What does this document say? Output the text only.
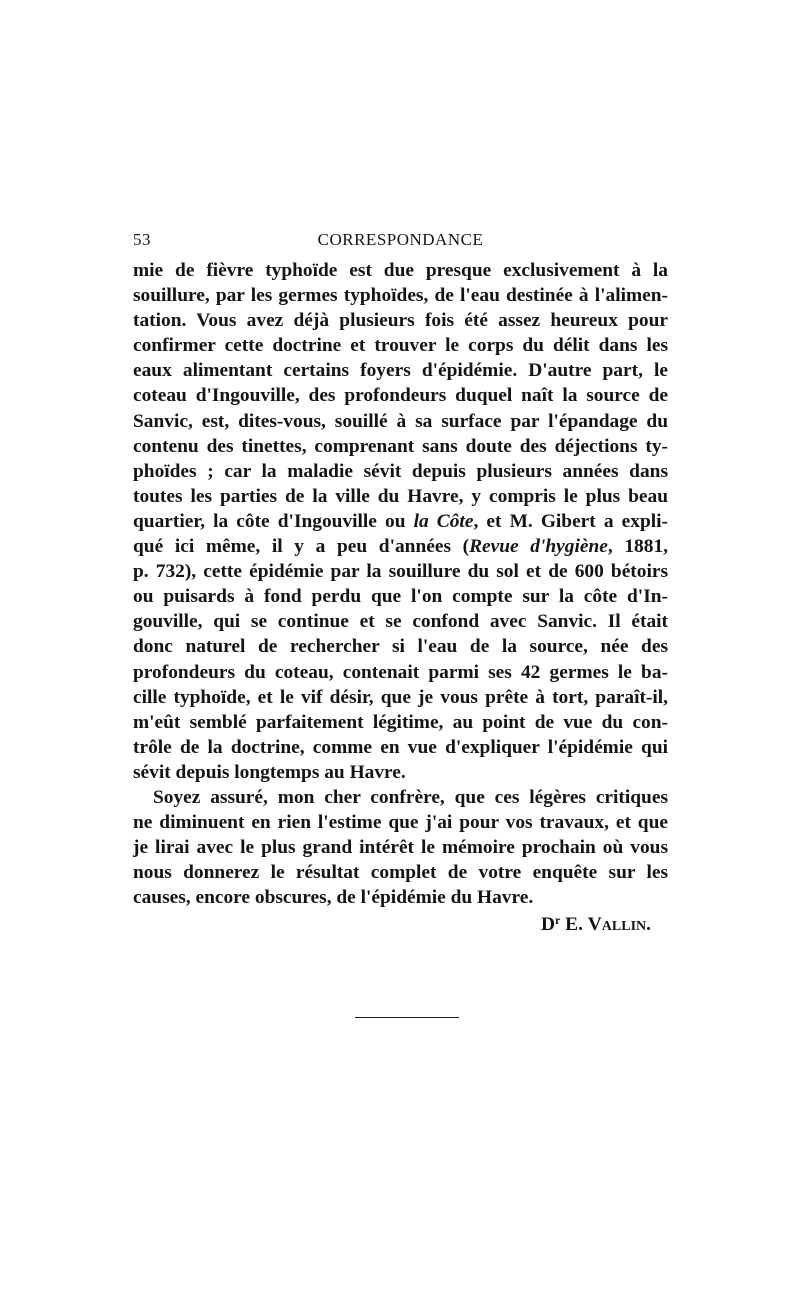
53	CORRESPONDANCE
mie de fièvre typhoïde est due presque exclusivement à la
souillure, par les germes typhoïdes, de l'eau destinée à l'alimen-
tation. Vous avez déjà plusieurs fois été assez heureux pour
confirmer cette doctrine et trouver le corps du délit dans les
eaux alimentant certains foyers d'épidémie. D'autre part, le
coteau d'Ingouville, des profondeurs duquel naît la source de
Sanvic, est, dites-vous, souillé à sa surface par l'épandage du
contenu des tinettes, comprenant sans doute des déjections ty-
phoïdes ; car la maladie sévit depuis plusieurs années dans
toutes les parties de la ville du Havre, y compris le plus beau
quartier, la côte d'Ingouville ou la Côte, et M. Gibert a expli-
qué ici même, il y a peu d'années (Revue d'hygiène, 1881,
p. 732), cette épidémie par la souillure du sol et de 600 bétoirs
ou puisards à fond perdu que l'on compte sur la côte d'In-
gouville, qui se continue et se confond avec Sanvic. Il était
donc naturel de rechercher si l'eau de la source, née des
profondeurs du coteau, contenait parmi ses 42 germes le ba-
cille typhoïde, et le vif désir, que je vous prête à tort, paraît-il,
m'eût semblé parfaitement légitime, au point de vue du con-
trôle de la doctrine, comme en vue d'expliquer l'épidémie qui
sévit depuis longtemps au Havre.
Soyez assuré, mon cher confrère, que ces légères critiques
ne diminuent en rien l'estime que j'ai pour vos travaux, et que
je lirai avec le plus grand intérêt le mémoire prochain où vous
nous donnerez le résultat complet de votre enquête sur les
causes, encore obscures, de l'épidémie du Havre.
$D^r$ E. Vallin.
